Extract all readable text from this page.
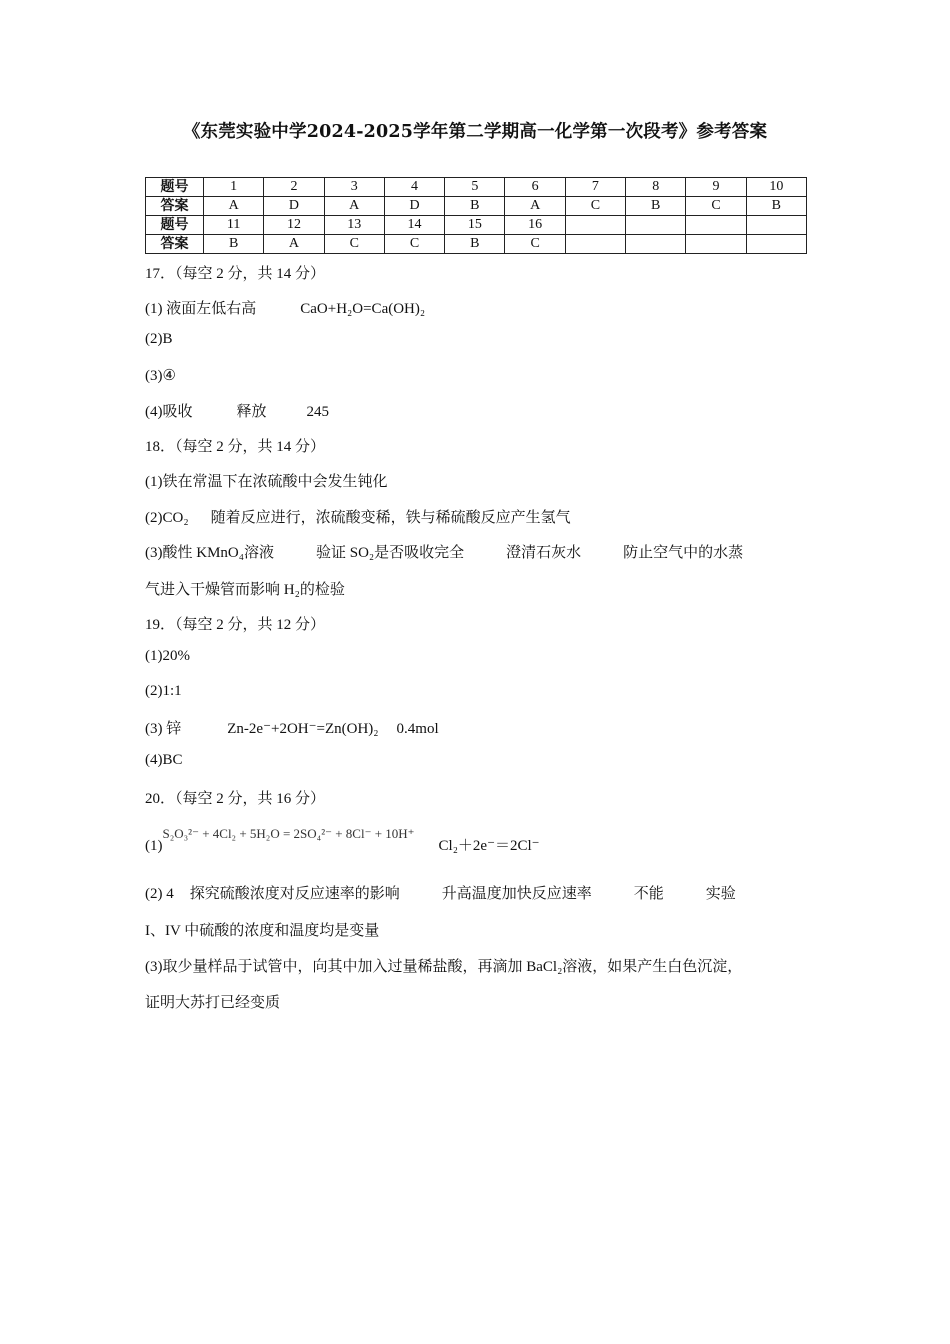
《东莞实验中学2024-2025学年第二学期高一化学第一次段考》参考答案
题号	1	2	3	4	5	6	7	8	9	10
答案	A	D	A	D	B	A	C	B	C	B
题号	11	12	13	14	15	16				
答案	B	A	C	C	B	C				
17．（每空 2 分，共 14 分）
(1) 液面左低右高	CaO+H₂O=Ca(OH)₂
(2)B
(3)④
(4)吸收	释放	245
18．（每空 2 分，共 14 分）
(1)铁在常温下在浓硫酸中会发生钝化
(2)CO₂ 随着反应进行，浓硫酸变稀，铁与稀硫酸反应产生氢气
(3)酸性 KMnO₄溶液	验证 SO₂是否吸收完全	澄清石灰水	防止空气中的水蒸
气进入干燥管而影响 H₂的检验
19．（每空 2 分，共 12 分）
(1)20%
(2)1:1
(3) 锌	Zn-2e⁻+2OH⁻=Zn(OH)₂ 0.4mol
(4)BC
20．（每空 2 分，共 16 分）
(1)S₂O₃²⁻ + 4Cl₂ + 5H₂O = 2SO₄²⁻ + 8Cl⁻ + 10H⁺Cl₂＋2e⁻＝2Cl⁻
(2) 4 探究硫酸浓度对反应速率的影响	升高温度加快反应速率	不能	实验
I、IV 中硫酸的浓度和温度均是变量
(3)取少量样品于试管中，向其中加入过量稀盐酸，再滴加 BaCl₂溶液，如果产生白色沉淀，
证明大苏打已经变质
